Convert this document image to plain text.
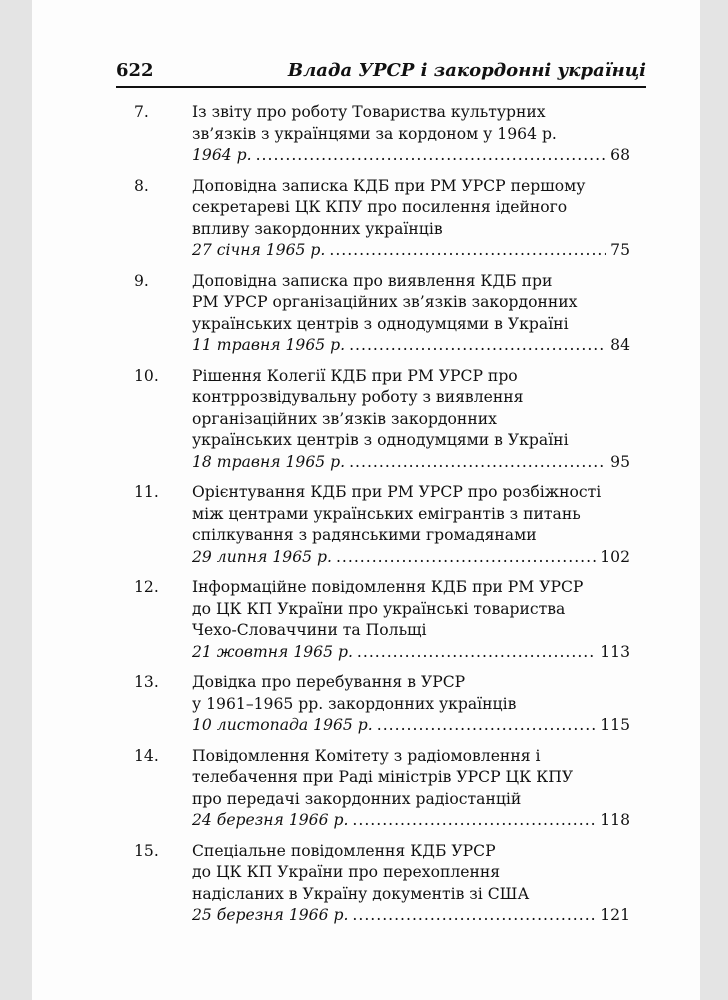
622	Влада УРСР і закордонні українці
7.	Із звіту про роботу Товариства культурних
зв’язків з українцями за кордоном у 1964 р.
1964 р. .....	68
8.	Доповідна записка КДБ при РМ УРСР першому
секретареві ЦК КПУ про посилення ідейного
впливу закордонних українців
27 січня 1965 р. .....	75
9.	Доповідна записка про виявлення КДБ при
РМ УРСР організаційних зв’язків закордонних
українських центрів з однодумцями в Україні
11 травня 1965 р. .....	84
10.	Рішення Колегії КДБ при РМ УРСР про
контррозвідувальну роботу з виявлення
організаційних зв’язків закордонних
українських центрів з однодумцями в Україні
18 травня 1965 р. .....	95
11.	Орієнтування КДБ при РМ УРСР про розбіжності
між центрами українських емігрантів з питань
спілкування з радянськими громадянами
29 липня 1965 р. .....	102
12.	Інформаційне повідомлення КДБ при РМ УРСР
до ЦК КП України про українські товариства
Чехо-Словаччини та Польщі
21 жовтня 1965 р. .....	113
13.	Довідка про перебування в УРСР
у 1961–1965 рр. закордонних українців
10 листопада 1965 р. .....	115
14.	Повідомлення Комітету з радіомовлення і
телебачення при Раді міністрів УРСР ЦК КПУ
про передачі закордонних радіостанцій
24 березня 1966 р. .....	118
15.	Спеціальне повідомлення КДБ УРСР
до ЦК КП України про перехоплення
надісланих в Україну документів зі США
25 березня 1966 р. .....	121
